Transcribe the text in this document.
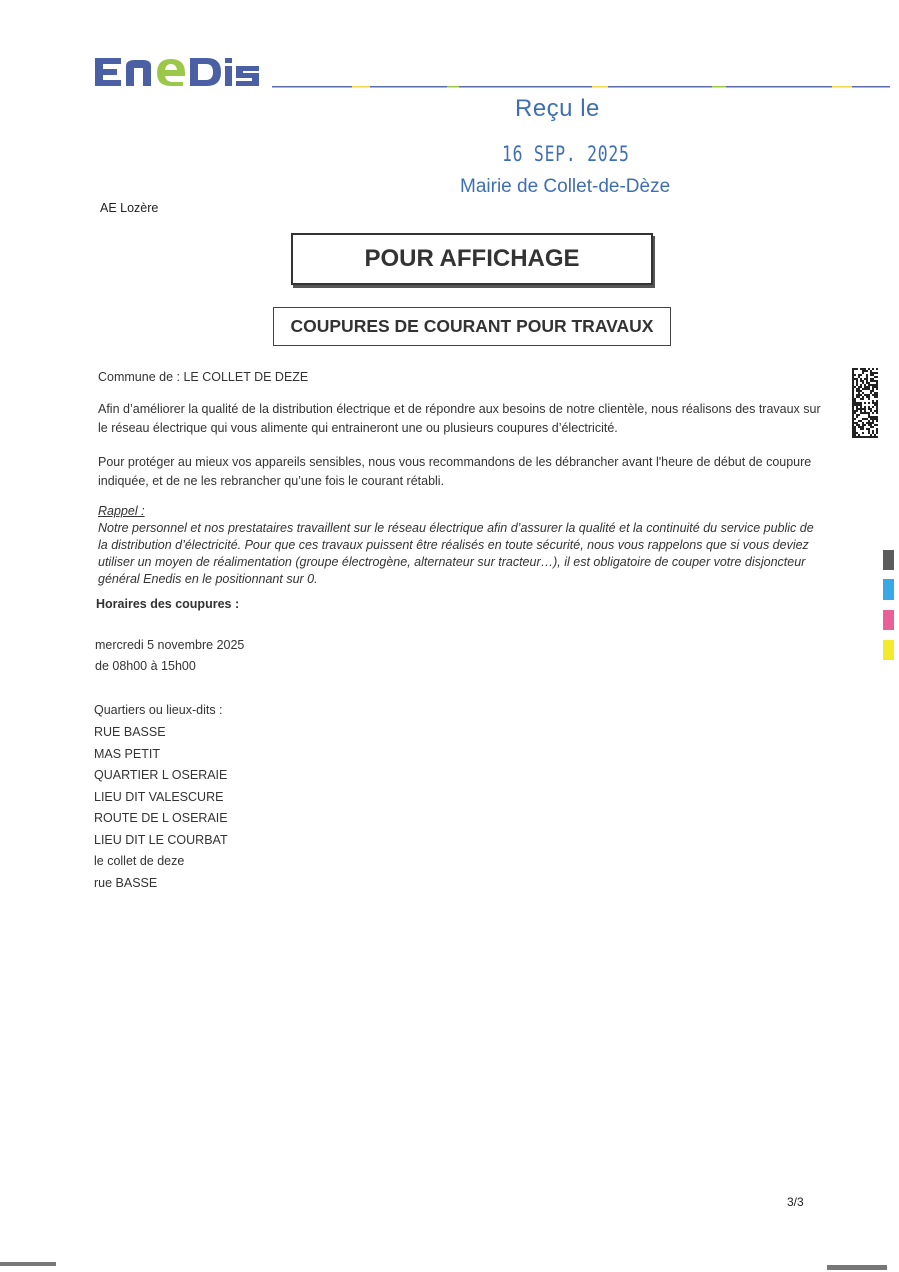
Reçu le
16 SEP. 2025
Mairie de Collet-de-Dèze
AE Lozère
POUR AFFICHAGE
COUPURES DE COURANT POUR TRAVAUX
Commune de : LE COLLET DE DEZE
Afin d’améliorer la qualité de la distribution électrique et de répondre aux besoins de notre clientèle, nous réalisons des travaux sur le réseau électrique qui vous alimente qui entraineront une ou plusieurs coupures d’électricité.
Pour protéger au mieux vos appareils sensibles, nous vous recommandons de les débrancher avant l'heure de début de coupure indiquée, et de ne les rebrancher qu’une fois le courant rétabli.
Rappel :
Notre personnel et nos prestataires travaillent sur le réseau électrique afin d’assurer la qualité et la continuité du service public de la distribution d’électricité. Pour que ces travaux puissent être réalisés en toute sécurité, nous vous rappelons que si vous deviez utiliser un moyen de réalimentation (groupe électrogène, alternateur sur tracteur…), il est obligatoire de couper votre disjoncteur général Enedis en le positionnant sur 0.
Horaires des coupures :
mercredi 5 novembre 2025
de 08h00 à 15h00
Quartiers ou lieux-dits :
RUE BASSE
MAS PETIT
QUARTIER L OSERAIE
LIEU DIT VALESCURE
ROUTE DE L OSERAIE
LIEU DIT LE COURBAT
le collet de deze
rue BASSE
3/3
